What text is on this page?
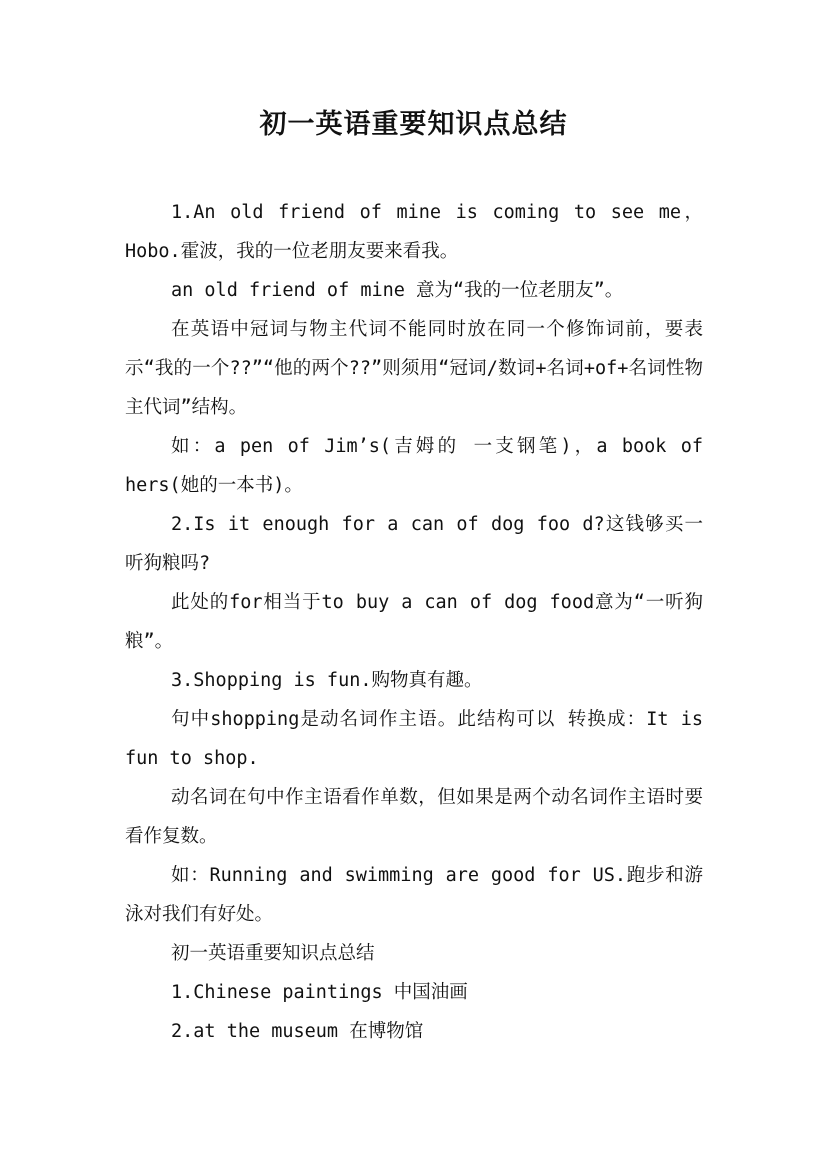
初一英语重要知识点总结

1.An old friend of mine is coming to see me，Hobo.霍波，我的一位老朋友要来看我。

an old friend of mine 意为“我的一位老朋友”。

在英语中冠词与物主代词不能同时放在同一个修饰词前，要表示“我的一个??”“他的两个??”则须用“冠词/数词+名词+of+名词性物主代词”结构。

如：a pen of Jim’s(吉姆的 一支钢笔)，a book of hers(她的一本书)。

2.Is it enough for a can of dog foo d?这钱够买一听狗粮吗?

此处的for相当于to buy a can of dog food意为“一听狗粮”。

3.Shopping is fun.购物真有趣。

句中shopping是动名词作主语。此结构可以 转换成：It is fun to shop.

动名词在句中作主语看作单数，但如果是两个动名词作主语时要看作复数。

如：Running and swimming are good for US.跑步和游泳对我们有好处。

初一英语重要知识点总结

1.Chinese paintings 中国油画

2.at the museum 在博物馆
